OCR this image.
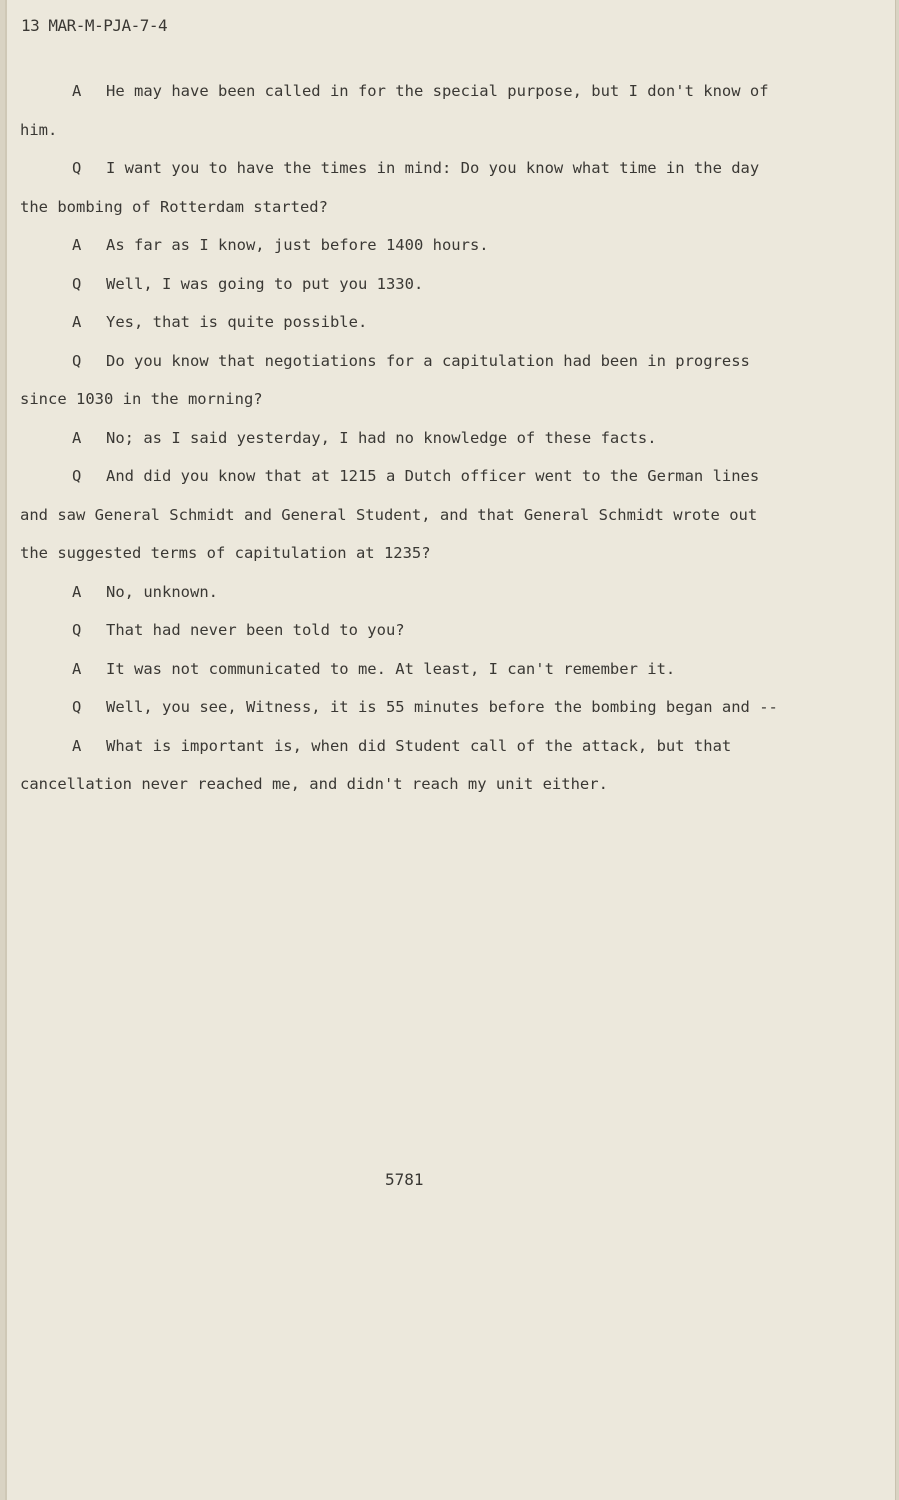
13 MAR-M-PJA-7-4
A He may have been called in for the special purpose, but I don't know of
him.
Q I want you to have the times in mind: Do you know what time in the day
the bombing of Rotterdam started?
A As far as I know, just before 1400 hours.
Q Well, I was going to put you 1330.
A Yes, that is quite possible.
Q Do you know that negotiations for a capitulation had been in progress
since 1030 in the morning?
A No; as I said yesterday, I had no knowledge of these facts.
Q And did you know that at 1215 a Dutch officer went to the German lines
and saw General Schmidt and General Student, and that General Schmidt wrote out
the suggested terms of capitulation at 1235?
A No, unknown.
Q That had never been told to you?
A It was not communicated to me. At least, I can't remember it.
Q Well, you see, Witness, it is 55 minutes before the bombing began and --
A What is important is, when did Student call of the attack, but that
cancellation never reached me, and didn't reach my unit either.
5781
